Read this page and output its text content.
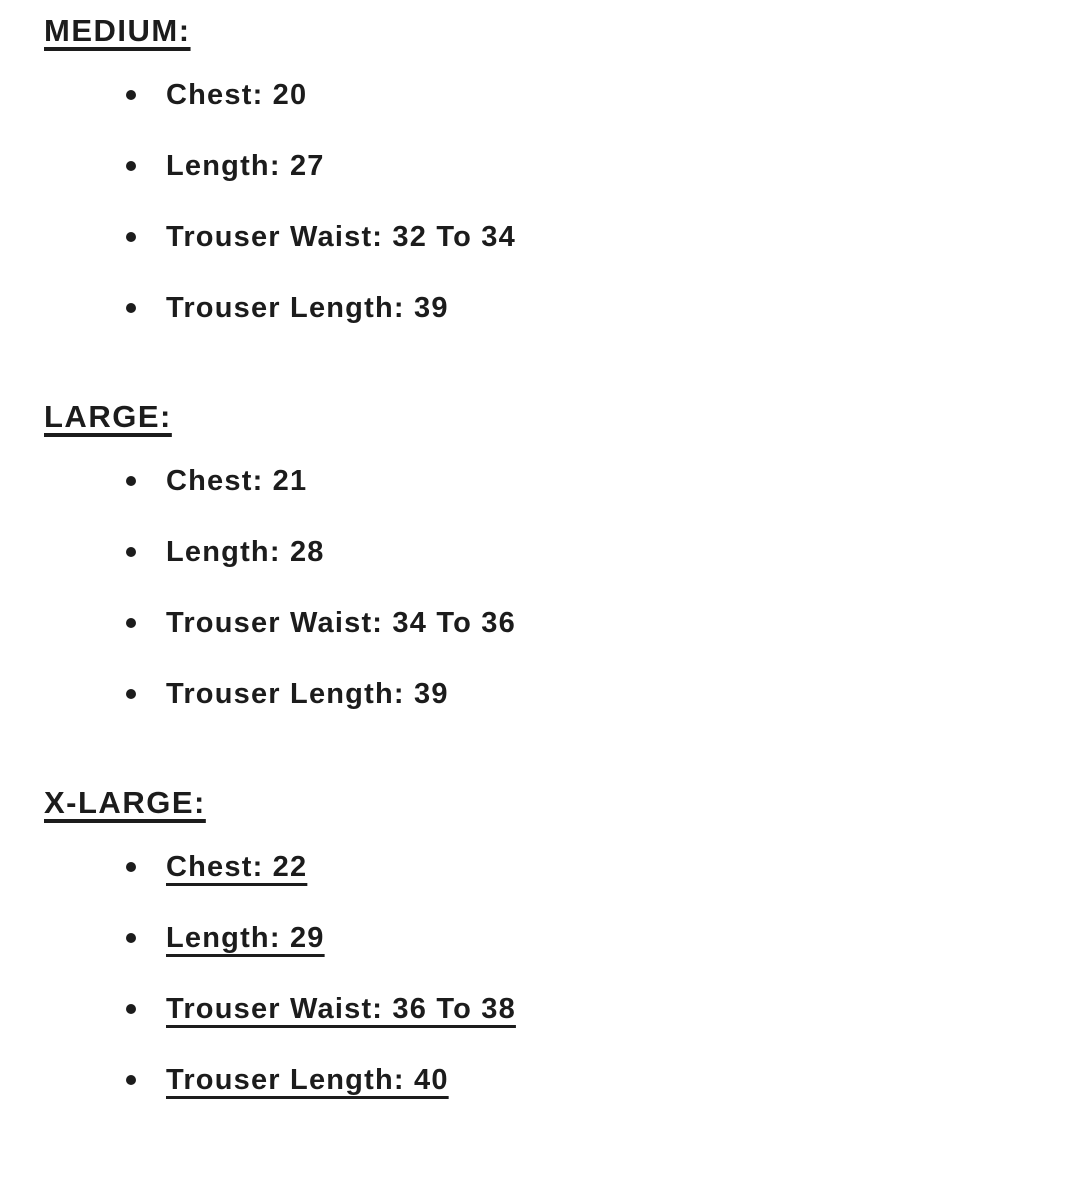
MEDIUM:
Chest: 20
Length: 27
Trouser Waist: 32 To 34
Trouser Length: 39
LARGE:
Chest: 21
Length: 28
Trouser Waist: 34 To 36
Trouser Length: 39
X-LARGE:
Chest: 22
Length: 29
Trouser Waist: 36 To 38
Trouser Length: 40
